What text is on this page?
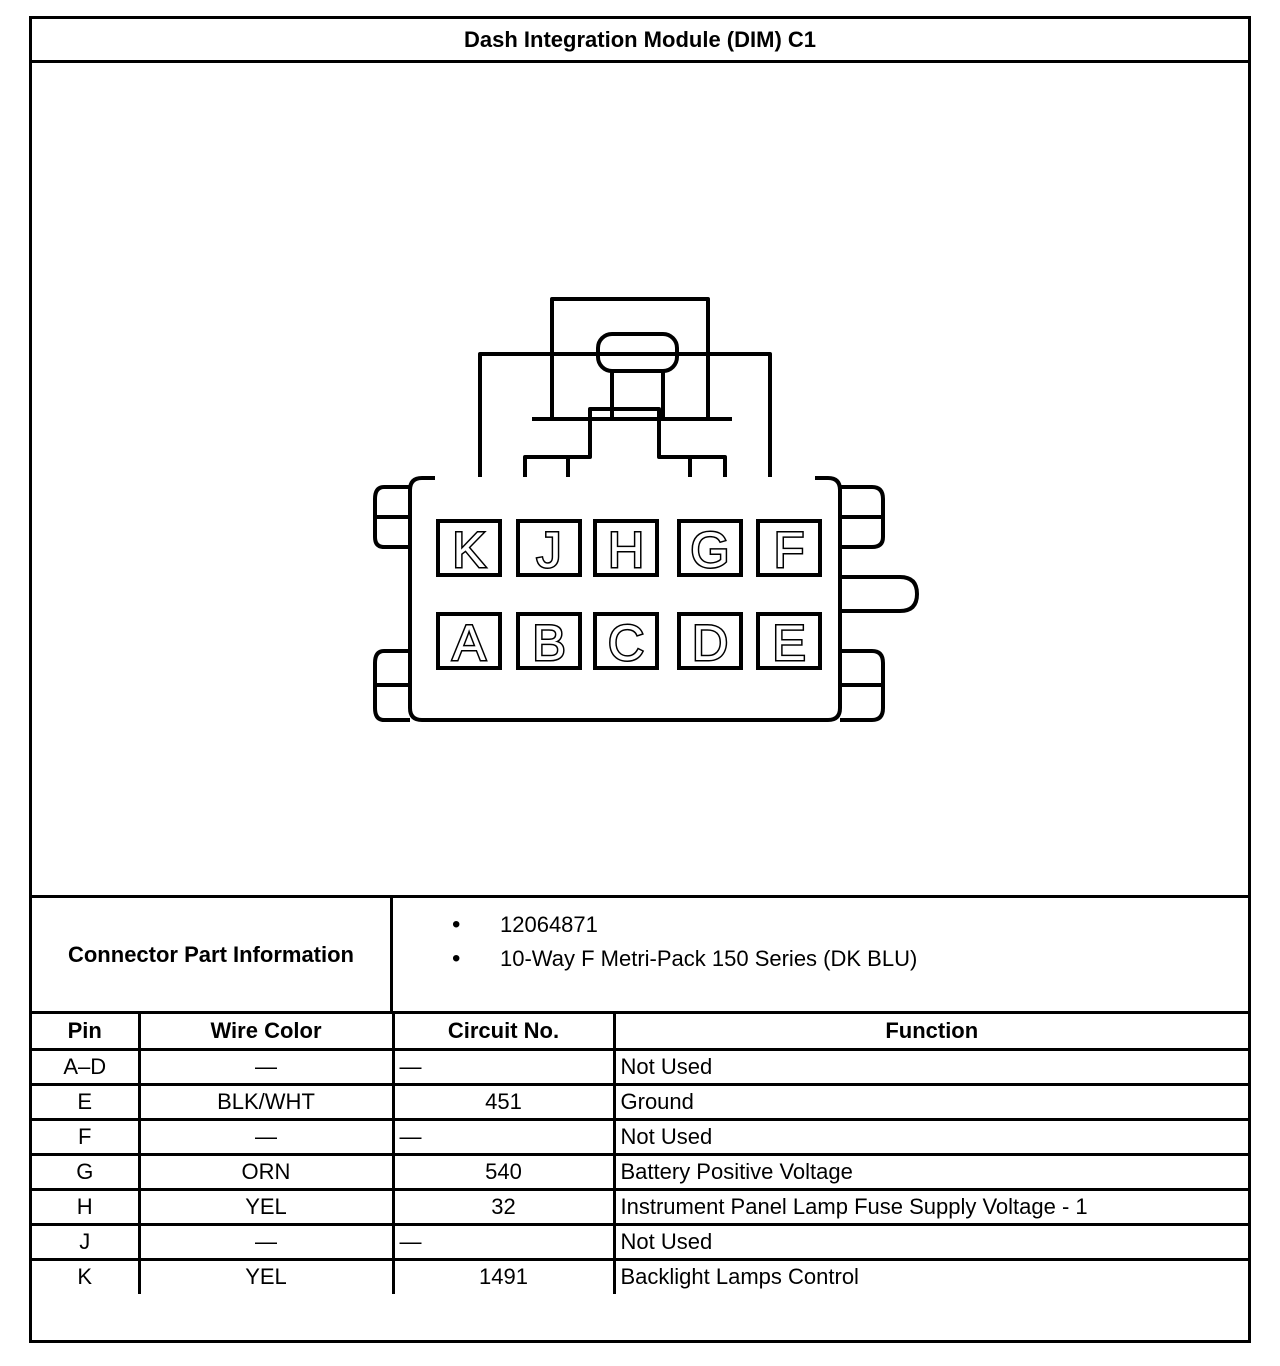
Dash Integration Module (DIM) C1
K J H G F
A B C D E
Connector Part Information
• 12064871
• 10-Way F Metri-Pack 150 Series (DK BLU)
Pin	Wire Color	Circuit No.	Function
A–D	—	—	Not Used
E	BLK/WHT	451	Ground
F	—	—	Not Used
G	ORN	540	Battery Positive Voltage
H	YEL	32	Instrument Panel Lamp Fuse Supply Voltage - 1
J	—	—	Not Used
K	YEL	1491	Backlight Lamps Control
